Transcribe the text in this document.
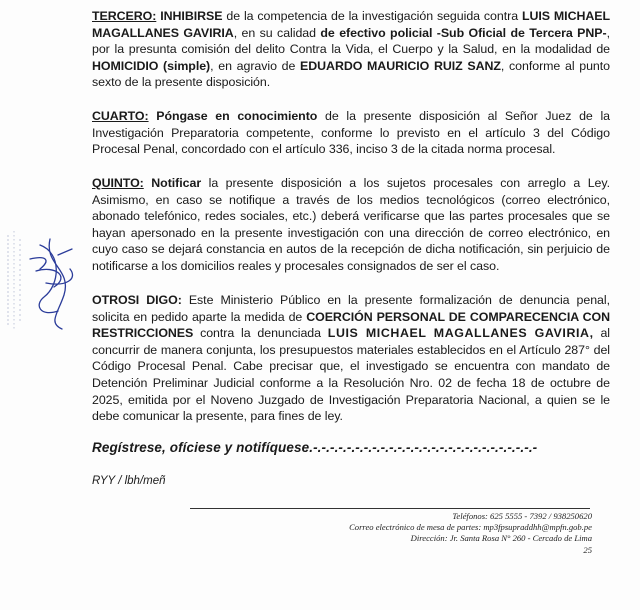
TERCERO: INHIBIRSE de la competencia de la investigación seguida contra LUIS MICHAEL MAGALLANES GAVIRIA, en su calidad de efectivo policial -Sub Oficial de Tercera PNP-, por la presunta comisión del delito Contra la Vida, el Cuerpo y la Salud, en la modalidad de HOMICIDIO (simple), en agravio de EDUARDO MAURICIO RUIZ SANZ, conforme al punto sexto de la presente disposición.

CUARTO: Póngase en conocimiento de la presente disposición al Señor Juez de la Investigación Preparatoria competente, conforme lo previsto en el artículo 3 del Código Procesal Penal, concordado con el artículo 336, inciso 3 de la citada norma procesal.

QUINTO: Notificar la presente disposición a los sujetos procesales con arreglo a Ley. Asimismo, en caso se notifique a través de los medios tecnológicos (correo electrónico, abonado telefónico, redes sociales, etc.) deberá verificarse que las partes procesales que se hayan apersonado en la presente investigación con una dirección de correo electrónico, en cuyo caso se dejará constancia en autos de la recepción de dicha notificación, sin perjuicio de notificarse a los domicilios reales y procesales consignados de ser el caso.

OTROSI DIGO: Este Ministerio Público en la presente formalización de denuncia penal, solicita en pedido aparte la medida de COERCIÓN PERSONAL DE COMPARECENCIA CON RESTRICCIONES contra la denunciada LUIS MICHAEL MAGALLANES GAVIRIA, al concurrir de manera conjunta, los presupuestos materiales establecidos en el Artículo 287° del Código Procesal Penal. Cabe precisar que, el investigado se encuentra con mandato de Detención Preliminar Judicial conforme a la Resolución Nro. 02 de fecha 18 de octubre de 2025, emitida por el Noveno Juzgado de Investigación Preparatoria Nacional, a quien se le debe comunicar la presente, para fines de ley.

Regístrese, ofíciese y notifíquese.-.-.-.-.-.-.-.-.-.-.-.-.-.-.-.-.-.-.-.-.-.-.-.-.-.-.-
RYY / lbh/meñ
Teléfonos: 625 5555 - 7392 / 938250620
Correo electrónico de mesa de partes: mp3fpsupraddhh@mpfn.gob.pe
Dirección: Jr. Santa Rosa N° 260 - Cercado de Lima
25
